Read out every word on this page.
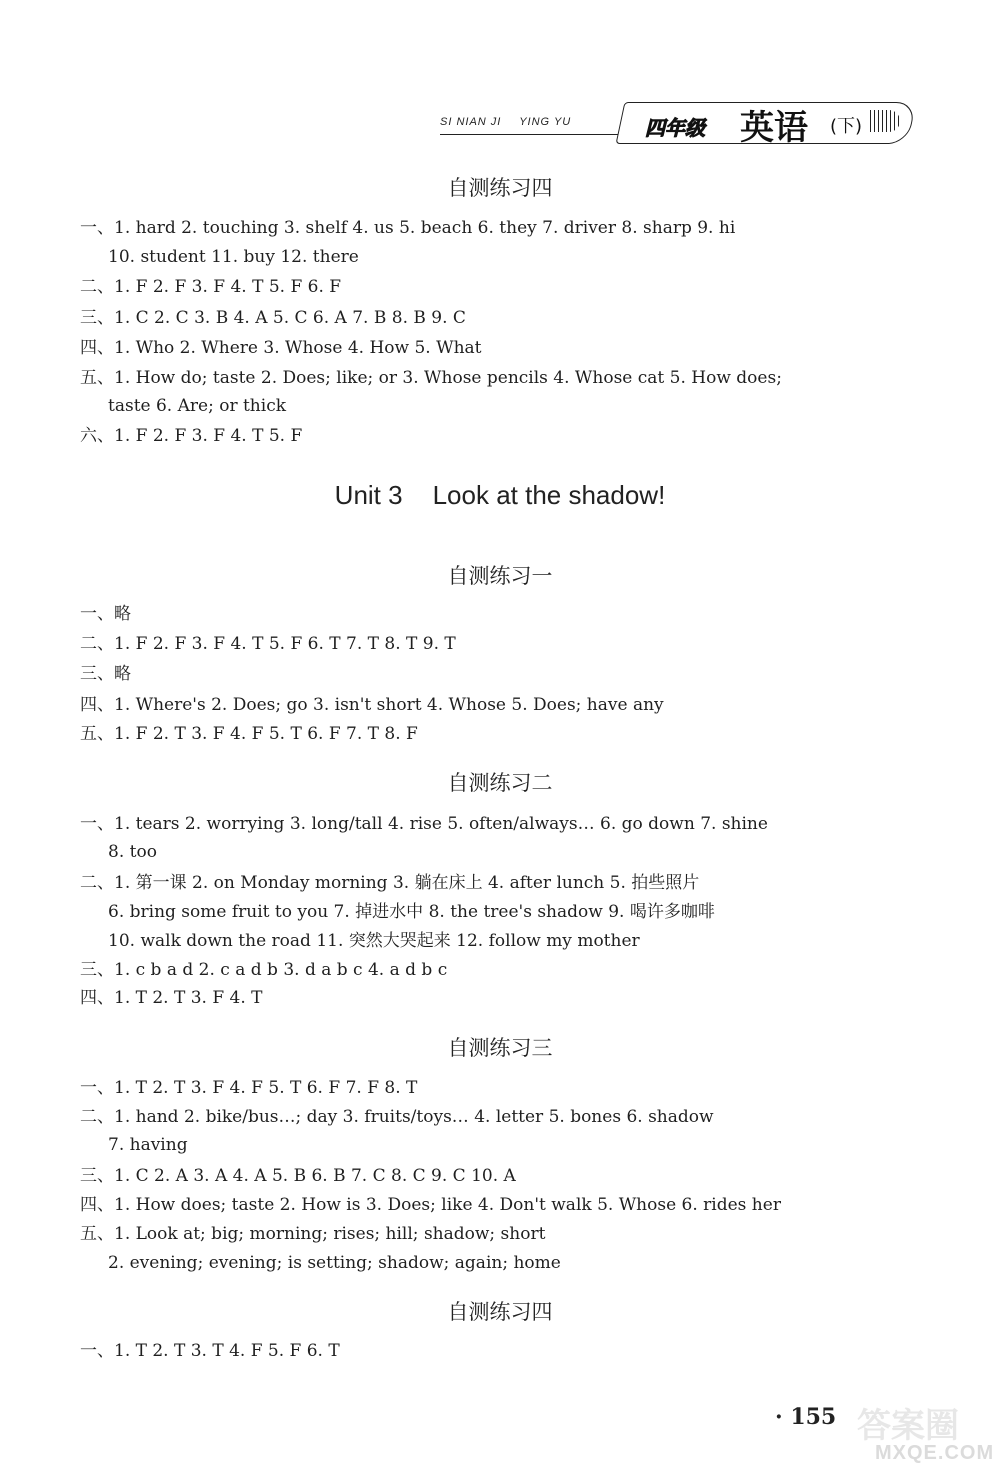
SI NIAN JI YING YU	四年级 英语 (下)
自测练习四
一、1. hard 2. touching 3. shelf 4. us 5. beach 6. they 7. driver 8. sharp 9. hi
10. student 11. buy 12. there
二、1. F 2. F 3. F 4. T 5. F 6. F
三、1. C 2. C 3. B 4. A 5. C 6. A 7. B 8. B 9. C
四、1. Who 2. Where 3. Whose 4. How 5. What
五、1. How do; taste 2. Does; like; or 3. Whose pencils 4. Whose cat 5. How does;
taste 6. Are; or thick
六、1. F 2. F 3. F 4. T 5. F
Unit 3 Look at the shadow!
自测练习一
一、略
二、1. F 2. F 3. F 4. T 5. F 6. T 7. T 8. T 9. T
三、略
四、1. Where's 2. Does; go 3. isn't short 4. Whose 5. Does; have any
五、1. F 2. T 3. F 4. F 5. T 6. F 7. T 8. F
自测练习二
一、1. tears 2. worrying 3. long/tall 4. rise 5. often/always… 6. go down 7. shine
8. too
二、1. 第一课 2. on Monday morning 3. 躺在床上 4. after lunch 5. 拍些照片
6. bring some fruit to you 7. 掉进水中 8. the tree's shadow 9. 喝许多咖啡
10. walk down the road 11. 突然大哭起来 12. follow my mother
三、1. c b a d 2. c a d b 3. d a b c 4. a d b c
四、1. T 2. T 3. F 4. T
自测练习三
一、1. T 2. T 3. F 4. F 5. T 6. F 7. F 8. T
二、1. hand 2. bike/bus…; day 3. fruits/toys… 4. letter 5. bones 6. shadow
7. having
三、1. C 2. A 3. A 4. A 5. B 6. B 7. C 8. C 9. C 10. A
四、1. How does; taste 2. How is 3. Does; like 4. Don't walk 5. Whose 6. rides her
五、1. Look at; big; morning; rises; hill; shadow; short
2. evening; evening; is setting; shadow; again; home
自测练习四
一、1. T 2. T 3. T 4. F 5. F 6. T
· 155 答案圈
MXQE.COM
